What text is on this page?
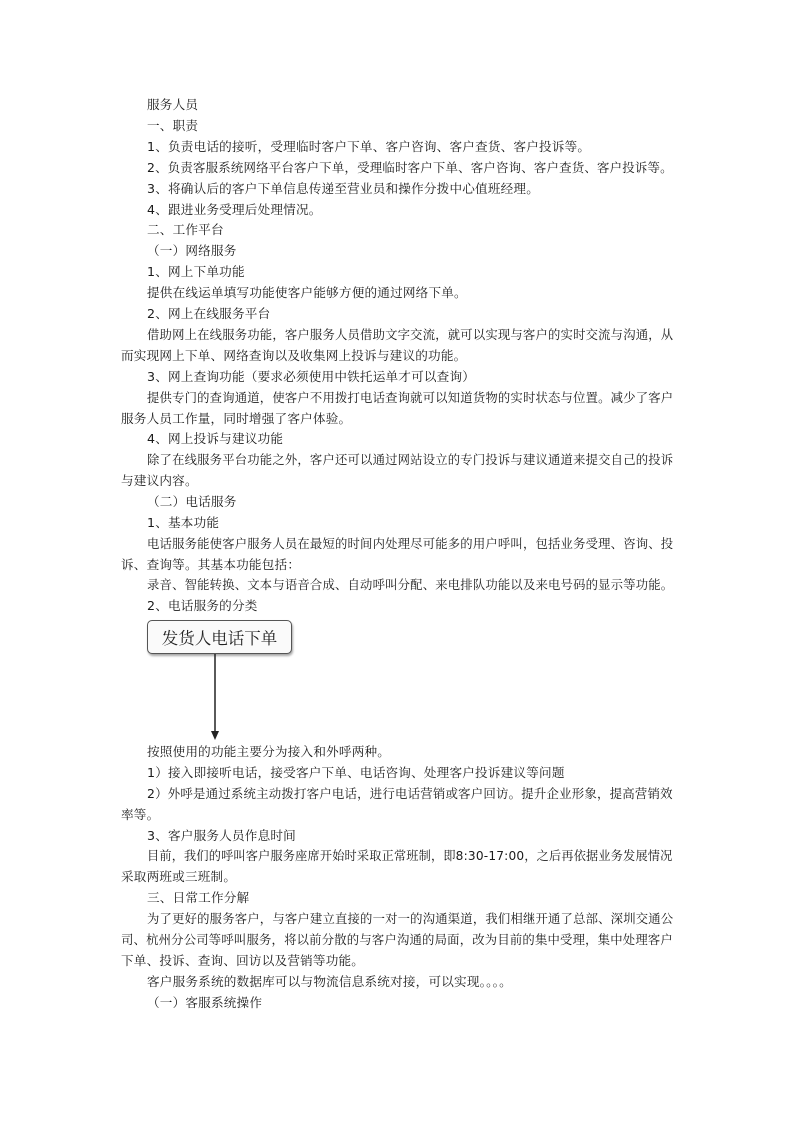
发货人电话下单
服务人员
一、职责
1、负责电话的接听，受理临时客户下单、客户咨询、客户查货、客户投诉等。
2、负责客服系统网络平台客户下单，受理临时客户下单、客户咨询、客户查货、客户投诉等。
3、将确认后的客户下单信息传递至营业员和操作分拨中心值班经理。
4、跟进业务受理后处理情况。
二、工作平台
（一）网络服务
1、网上下单功能
提供在线运单填写功能使客户能够方便的通过网络下单。
2、网上在线服务平台
借助网上在线服务功能，客户服务人员借助文字交流，就可以实现与客户的实时交流与沟通，从
而实现网上下单、网络查询以及收集网上投诉与建议的功能。
3、网上查询功能（要求必须使用中铁托运单才可以查询）
提供专门的查询通道，使客户不用拨打电话查询就可以知道货物的实时状态与位置。减少了客户
服务人员工作量，同时增强了客户体验。
4、网上投诉与建议功能
除了在线服务平台功能之外，客户还可以通过网站设立的专门投诉与建议通道来提交自己的投诉
与建议内容。
（二）电话服务
1、基本功能
电话服务能使客户服务人员在最短的时间内处理尽可能多的用户呼叫，包括业务受理、咨询、投
诉、查询等。其基本功能包括：
录音、智能转换、文本与语音合成、自动呼叫分配、来电排队功能以及来电号码的显示等功能。
2、电话服务的分类
按照使用的功能主要分为接入和外呼两种。
1）接入即接听电话，接受客户下单、电话咨询、处理客户投诉建议等问题
2）外呼是通过系统主动拨打客户电话，进行电话营销或客户回访。提升企业形象，提高营销效
率等。
3、客户服务人员作息时间
目前，我们的呼叫客户服务座席开始时采取正常班制，即8:30-17:00，之后再依据业务发展情况
采取两班或三班制。
三、日常工作分解
为了更好的服务客户，与客户建立直接的一对一的沟通渠道，我们相继开通了总部、深圳交通公
司、杭州分公司等呼叫服务，将以前分散的与客户沟通的局面，改为目前的集中受理，集中处理客户
下单、投诉、查询、回访以及营销等功能。
客户服务系统的数据库可以与物流信息系统对接，可以实现。。。。
（一）客服系统操作
